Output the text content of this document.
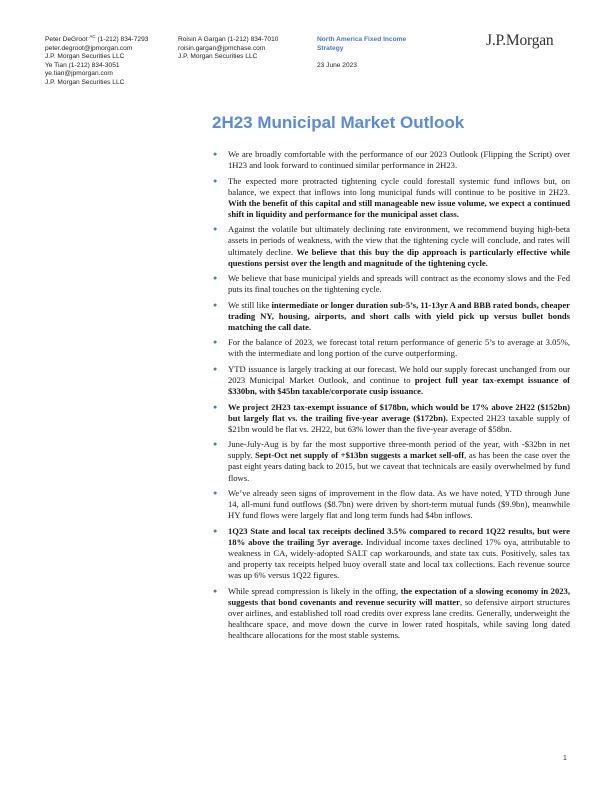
Peter DeGroot $^{AC}$ (1-212) 834-7293
peter.degroot@jpmorgan.com
J.P. Morgan Securities LLC
Ye Tian (1-212) 834-3051
ye.tian@jpmorgan.com
J.P. Morgan Securities LLC
Roisin A Gargan (1-212) 834-7010
roisin.gargan@jpmchase.com
J.P. Morgan Securities LLC
North America Fixed Income
Strategy
23 June 2023
J.P.Morgan
2H23 Municipal Market Outlook
● We are broadly comfortable with the performance of our 2023 Outlook (Flipping the Script) over 1H23 and look forward to continued similar performance in 2H23.
● The expected more protracted tightening cycle could forestall systemic fund inflows but, on balance, we expect that inflows into long municipal funds will continue to be positive in 2H23. With the benefit of this capital and still manageable new issue volume, we expect a continued shift in liquidity and performance for the municipal asset class.
● Against the volatile but ultimately declining rate environment, we recommend buying high-beta assets in periods of weakness, with the view that the tightening cycle will conclude, and rates will ultimately decline. We believe that this buy the dip approach is particularly effective while questions persist over the length and magnitude of the tightening cycle.
● We believe that base municipal yields and spreads will contract as the economy slows and the Fed puts its final touches on the tightening cycle.
● We still like intermediate or longer duration sub-5’s, 11-13yr A and BBB rated bonds, cheaper trading NY, housing, airports, and short calls with yield pick up versus bullet bonds matching the call date.
● For the balance of 2023, we forecast total return performance of generic 5’s to average at 3.05%, with the intermediate and long portion of the curve outperforming.
● YTD issuance is largely tracking at our forecast. We hold our supply forecast unchanged from our 2023 Municipal Market Outlook, and continue to project full year tax-exempt issuance of $330bn, with $45bn taxable/corporate cusip issuance.
● We project 2H23 tax-exempt issuance of $178bn, which would be 17% above 2H22 ($152bn) but largely flat vs. the trailing five-year average ($172bn). Expected 2H23 taxable supply of $21bn would be flat vs. 2H22, but 63% lower than the five-year average of $58bn.
● June-July-Aug is by far the most supportive three-month period of the year, with -$32bn in net supply. Sept-Oct net supply of +$13bn suggests a market sell-off, as has been the case over the past eight years dating back to 2015, but we caveat that technicals are easily overwhelmed by fund flows.
● We’ve already seen signs of improvement in the flow data. As we have noted, YTD through June 14, all-muni fund outflows ($8.7bn) were driven by short-term mutual funds ($9.9bn), meanwhile HY fund flows were largely flat and long term funds had $4bn inflows.
● 1Q23 State and local tax receipts declined 3.5% compared to record 1Q22 results, but were 18% above the trailing 5yr average. Individual income taxes declined 17% oya, attributable to weakness in CA, widely-adopted SALT cap workarounds, and state tax cuts. Positively, sales tax and property tax receipts helped buoy overall state and local tax collections. Each revenue source was up 6% versus 1Q22 figures.
● While spread compression is likely in the offing, the expectation of a slowing economy in 2023, suggests that bond covenants and revenue security will matter, so defensive airport structures over airlines, and established toll road credits over express lane credits. Generally, underweight the healthcare space, and move down the curve in lower rated hospitals, while saving long dated healthcare allocations for the most stable systems.
1
